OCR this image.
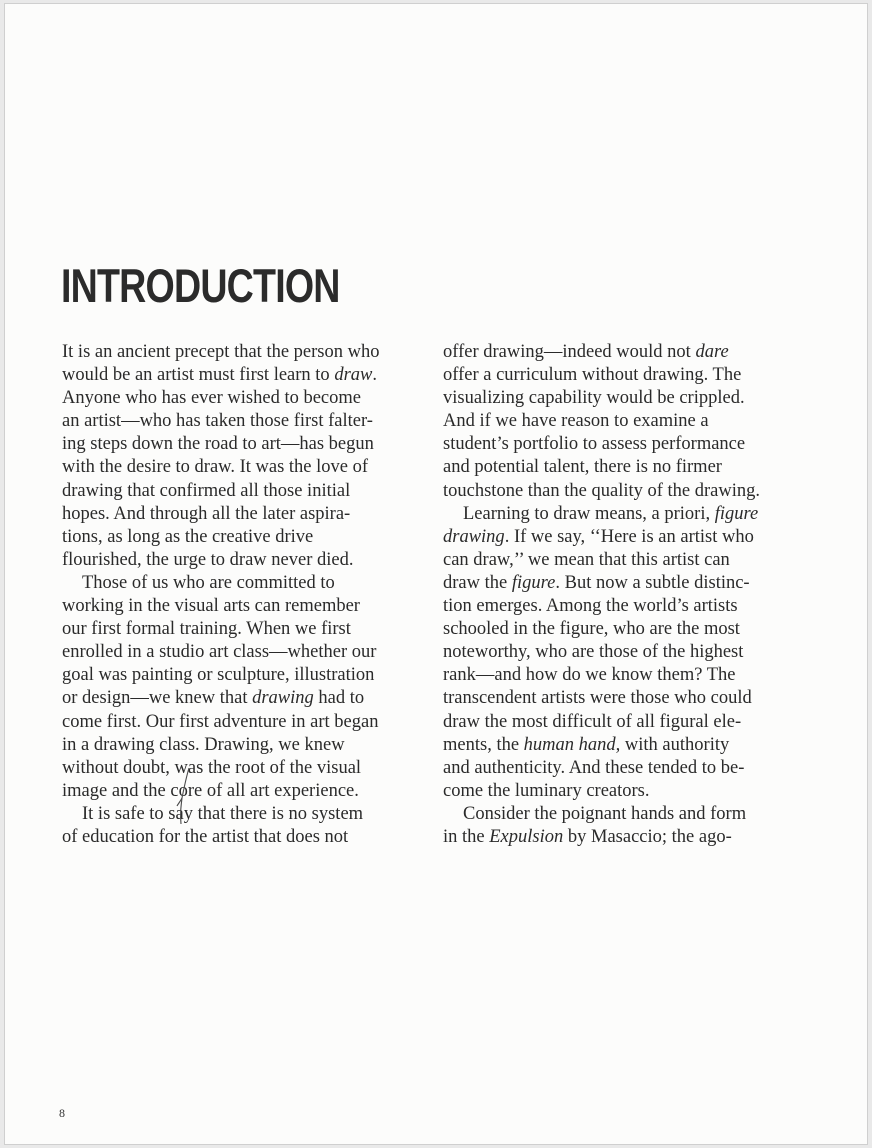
INTRODUCTION
It is an ancient precept that the person who
would be an artist must first learn to draw.
Anyone who has ever wished to become
an artist—who has taken those first falter-
ing steps down the road to art—has begun
with the desire to draw. It was the love of
drawing that confirmed all those initial
hopes. And through all the later aspira-
tions, as long as the creative drive
flourished, the urge to draw never died.
Those of us who are committed to
working in the visual arts can remember
our first formal training. When we first
enrolled in a studio art class—whether our
goal was painting or sculpture, illustration
or design—we knew that drawing had to
come first. Our first adventure in art began
in a drawing class. Drawing, we knew
without doubt, was the root of the visual
image and the core of all art experience.
It is safe to say that there is no system
of education for the artist that does not
offer drawing—indeed would not dare
offer a curriculum without drawing. The
visualizing capability would be crippled.
And if we have reason to examine a
student’s portfolio to assess performance
and potential talent, there is no firmer
touchstone than the quality of the drawing.
Learning to draw means, a priori, figure
drawing. If we say, ‘‘Here is an artist who
can draw,’’ we mean that this artist can
draw the figure. But now a subtle distinc-
tion emerges. Among the world’s artists
schooled in the figure, who are the most
noteworthy, who are those of the highest
rank—and how do we know them? The
transcendent artists were those who could
draw the most difficult of all figural ele-
ments, the human hand, with authority
and authenticity. And these tended to be-
come the luminary creators.
Consider the poignant hands and form
in the Expulsion by Masaccio; the ago-
8
